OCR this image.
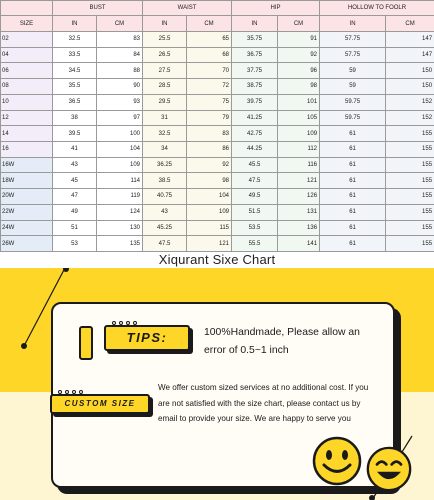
	BUST		WAIST		HIP		HOLLOW TO FOOLR	
SIZE	IN	CM	IN	CM	IN	CM	IN	CM
02	32.5	83	25.5	65	35.75	91	57.75	147
04	33.5	84	26.5	68	36.75	92	57.75	147
06	34.5	88	27.5	70	37.75	96	59	150
08	35.5	90	28.5	72	38.75	98	59	150
10	36.5	93	29.5	75	39.75	101	59.75	152
12	38	97	31	79	41.25	105	59.75	152
14	39.5	100	32.5	83	42.75	109	61	155
16	41	104	34	86	44.25	112	61	155
16W	43	109	36.25	92	45.5	116	61	155
18W	45	114	38.5	98	47.5	121	61	155
20W	47	119	40.75	104	49.5	126	61	155
22W	49	124	43	109	51.5	131	61	155
24W	51	130	45.25	115	53.5	136	61	155
26W	53	135	47.5	121	55.5	141	61	155
Xiqurant Sixe Chart
TIPS:	100%Handmade, Please allow an error of 0.5~1 inch
CUSTOM SIZE
We offer custom sized services at no additional cost. If you are not satisfied with the size chart, please contact us by email to provide your size. We are happy to serve you
